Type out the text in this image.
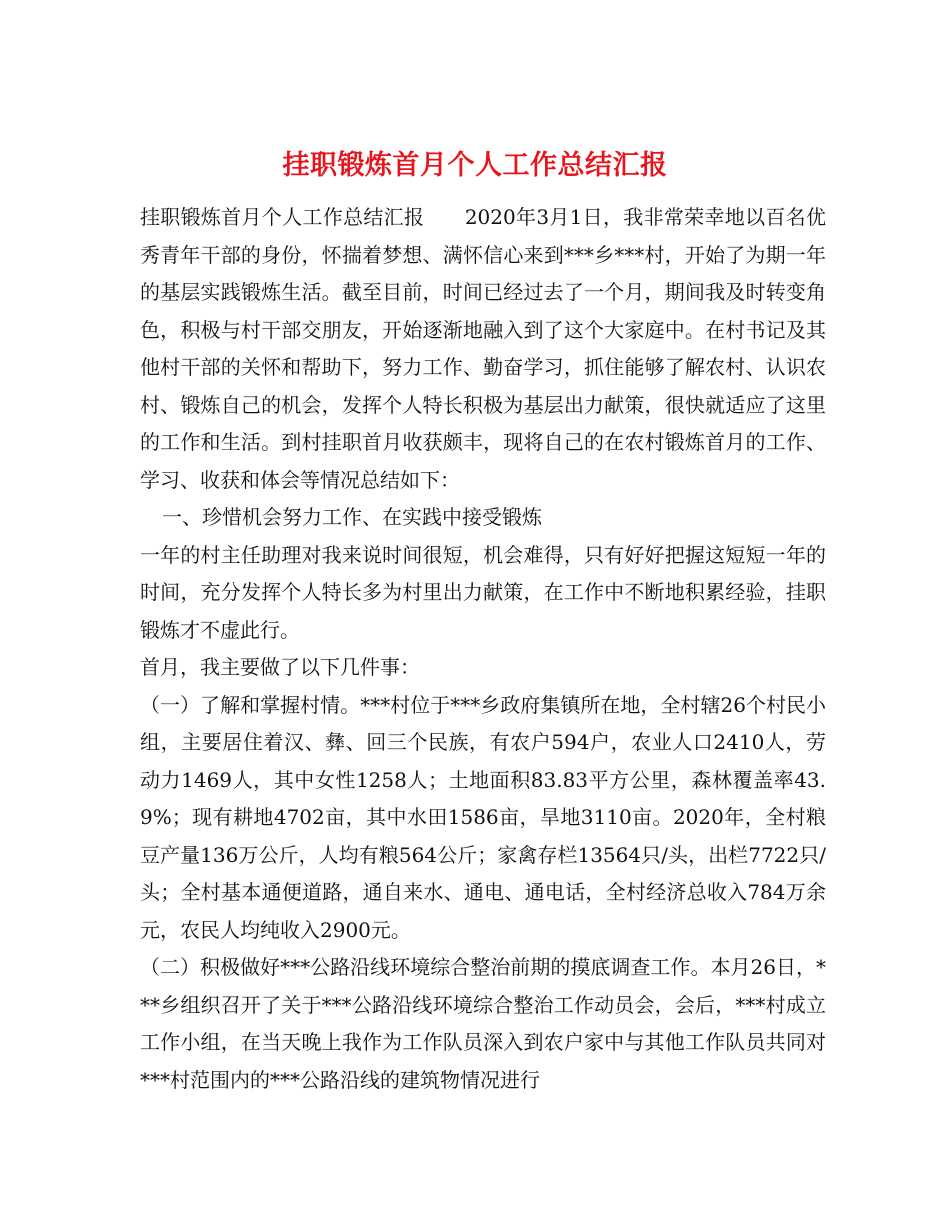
挂职锻炼首月个人工作总结汇报

挂职锻炼首月个人工作总结汇报　　2020年3月1日，我非常荣幸地以百名优秀青年干部的身份，怀揣着梦想、满怀信心来到***乡***村，开始了为期一年的基层实践锻炼生活。截至目前，时间已经过去了一个月，期间我及时转变角色，积极与村干部交朋友，开始逐渐地融入到了这个大家庭中。在村书记及其他村干部的关怀和帮助下，努力工作、勤奋学习，抓住能够了解农村、认识农村、锻炼自己的机会，发挥个人特长积极为基层出力献策，很快就适应了这里的工作和生活。到村挂职首月收获颇丰，现将自己的在农村锻炼首月的工作、学习、收获和体会等情况总结如下：

一、珍惜机会努力工作、在实践中接受锻炼

一年的村主任助理对我来说时间很短，机会难得，只有好好把握这短短一年的时间，充分发挥个人特长多为村里出力献策，在工作中不断地积累经验，挂职锻炼才不虚此行。

首月，我主要做了以下几件事：

（一）了解和掌握村情。***村位于***乡政府集镇所在地，全村辖26个村民小组，主要居住着汉、彝、回三个民族，有农户594户，农业人口2410人，劳动力1469人，其中女性1258人；土地面积83.83平方公里，森林覆盖率43.9%；现有耕地4702亩，其中水田1586亩，旱地3110亩。2020年，全村粮豆产量136万公斤，人均有粮564公斤；家禽存栏13564只/头，出栏7722只/头；全村基本通便道路，通自来水、通电、通电话，全村经济总收入784万余元，农民人均纯收入2900元。

（二）积极做好***公路沿线环境综合整治前期的摸底调查工作。本月26日，***乡组织召开了关于***公路沿线环境综合整治工作动员会，会后，***村成立工作小组，在当天晚上我作为工作队员深入到农户家中与其他工作队员共同对***村范围内的***公路沿线的建筑物情况进行
